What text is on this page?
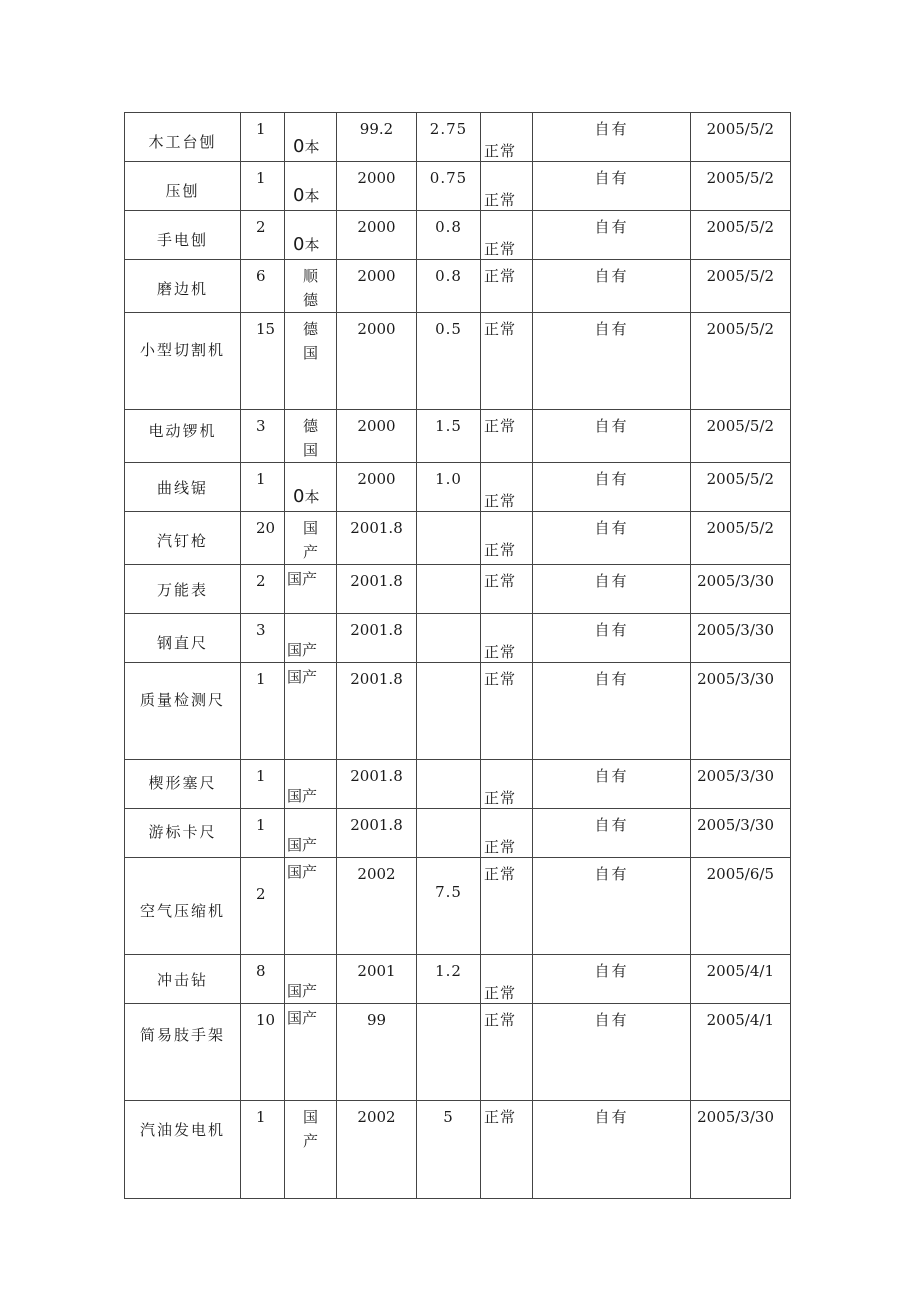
木工台刨	1	0本	99.2	2.75	正常	自有	2005/5/2

压刨	1	0本	2000	0.75	正常	自有	2005/5/2

手电刨	2	0本	2000	0.8	正常	自有	2005/5/2

磨边机	6	顺德	2000	0.8	正常	自有	2005/5/2

小型切割机	15	德国	2000	0.5	正常	自有	2005/5/2

电动锣机	3	德国	2000	1.5	正常	自有	2005/5/2

曲线锯	1	0本	2000	1.0	正常	自有	2005/5/2

汽钉枪	20	国产	2001.8		正常	自有	2005/5/2

万能表	2	国产	2001.8		正常	自有	2005/3/30

钢直尺	3	国产	2001.8		正常	自有	2005/3/30

质量检测尺	1	国产	2001.8		正常	自有	2005/3/30

楔形塞尺	1	国产	2001.8		正常	自有	2005/3/30

游标卡尺	1	国产	2001.8		正常	自有	2005/3/30

空气压缩机	2	国产	2002	7.5	正常	自有	2005/6/5

冲击钻	8	国产	2001	1.2	正常	自有	2005/4/1

简易肢手架	10	国产	99		正常	自有	2005/4/1

汽油发电机	1	国产	2002	5	正常	自有	2005/3/30
